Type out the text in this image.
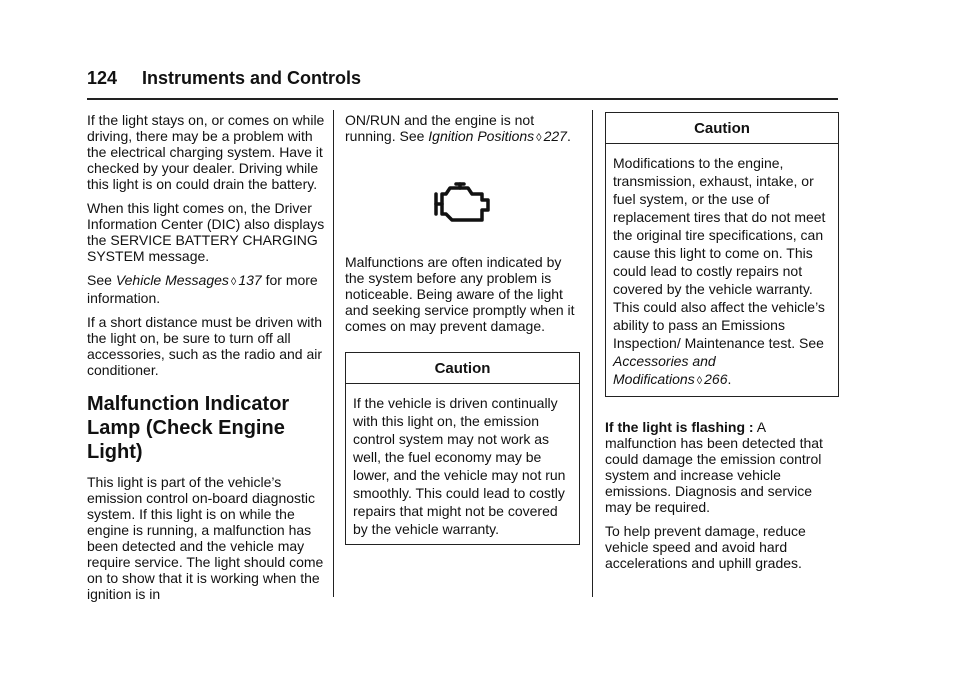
124 Instruments and Controls

If the light stays on, or comes on while driving, there may be a problem with the electrical charging system. Have it checked by your dealer. Driving while this light is on could drain the battery.

When this light comes on, the Driver Information Center (DIC) also displays the SERVICE BATTERY CHARGING SYSTEM message.

See Vehicle Messages ◊ 137 for more information.

If a short distance must be driven with the light on, be sure to turn off all accessories, such as the radio and air conditioner.

Malfunction Indicator Lamp (Check Engine Light)

This light is part of the vehicle’s emission control on-board diagnostic system. If this light is on while the engine is running, a malfunction has been detected and the vehicle may require service. The light should come on to show that it is working when the ignition is in

ON/RUN and the engine is not running. See Ignition Positions ◊ 227.

Malfunctions are often indicated by the system before any problem is noticeable. Being aware of the light and seeking service promptly when it comes on may prevent damage.

Caution
If the vehicle is driven continually with this light on, the emission control system may not work as well, the fuel economy may be lower, and the vehicle may not run smoothly. This could lead to costly repairs that might not be covered by the vehicle warranty.
Caution
Modifications to the engine, transmission, exhaust, intake, or fuel system, or the use of replacement tires that do not meet the original tire specifications, can cause this light to come on. This could lead to costly repairs not covered by the vehicle warranty. This could also affect the vehicle’s ability to pass an Emissions Inspection/ Maintenance test. See
Accessories and Modifications ◊ 266.

If the light is flashing : A malfunction has been detected that could damage the emission control system and increase vehicle emissions. Diagnosis and service may be required.

To help prevent damage, reduce vehicle speed and avoid hard accelerations and uphill grades.
